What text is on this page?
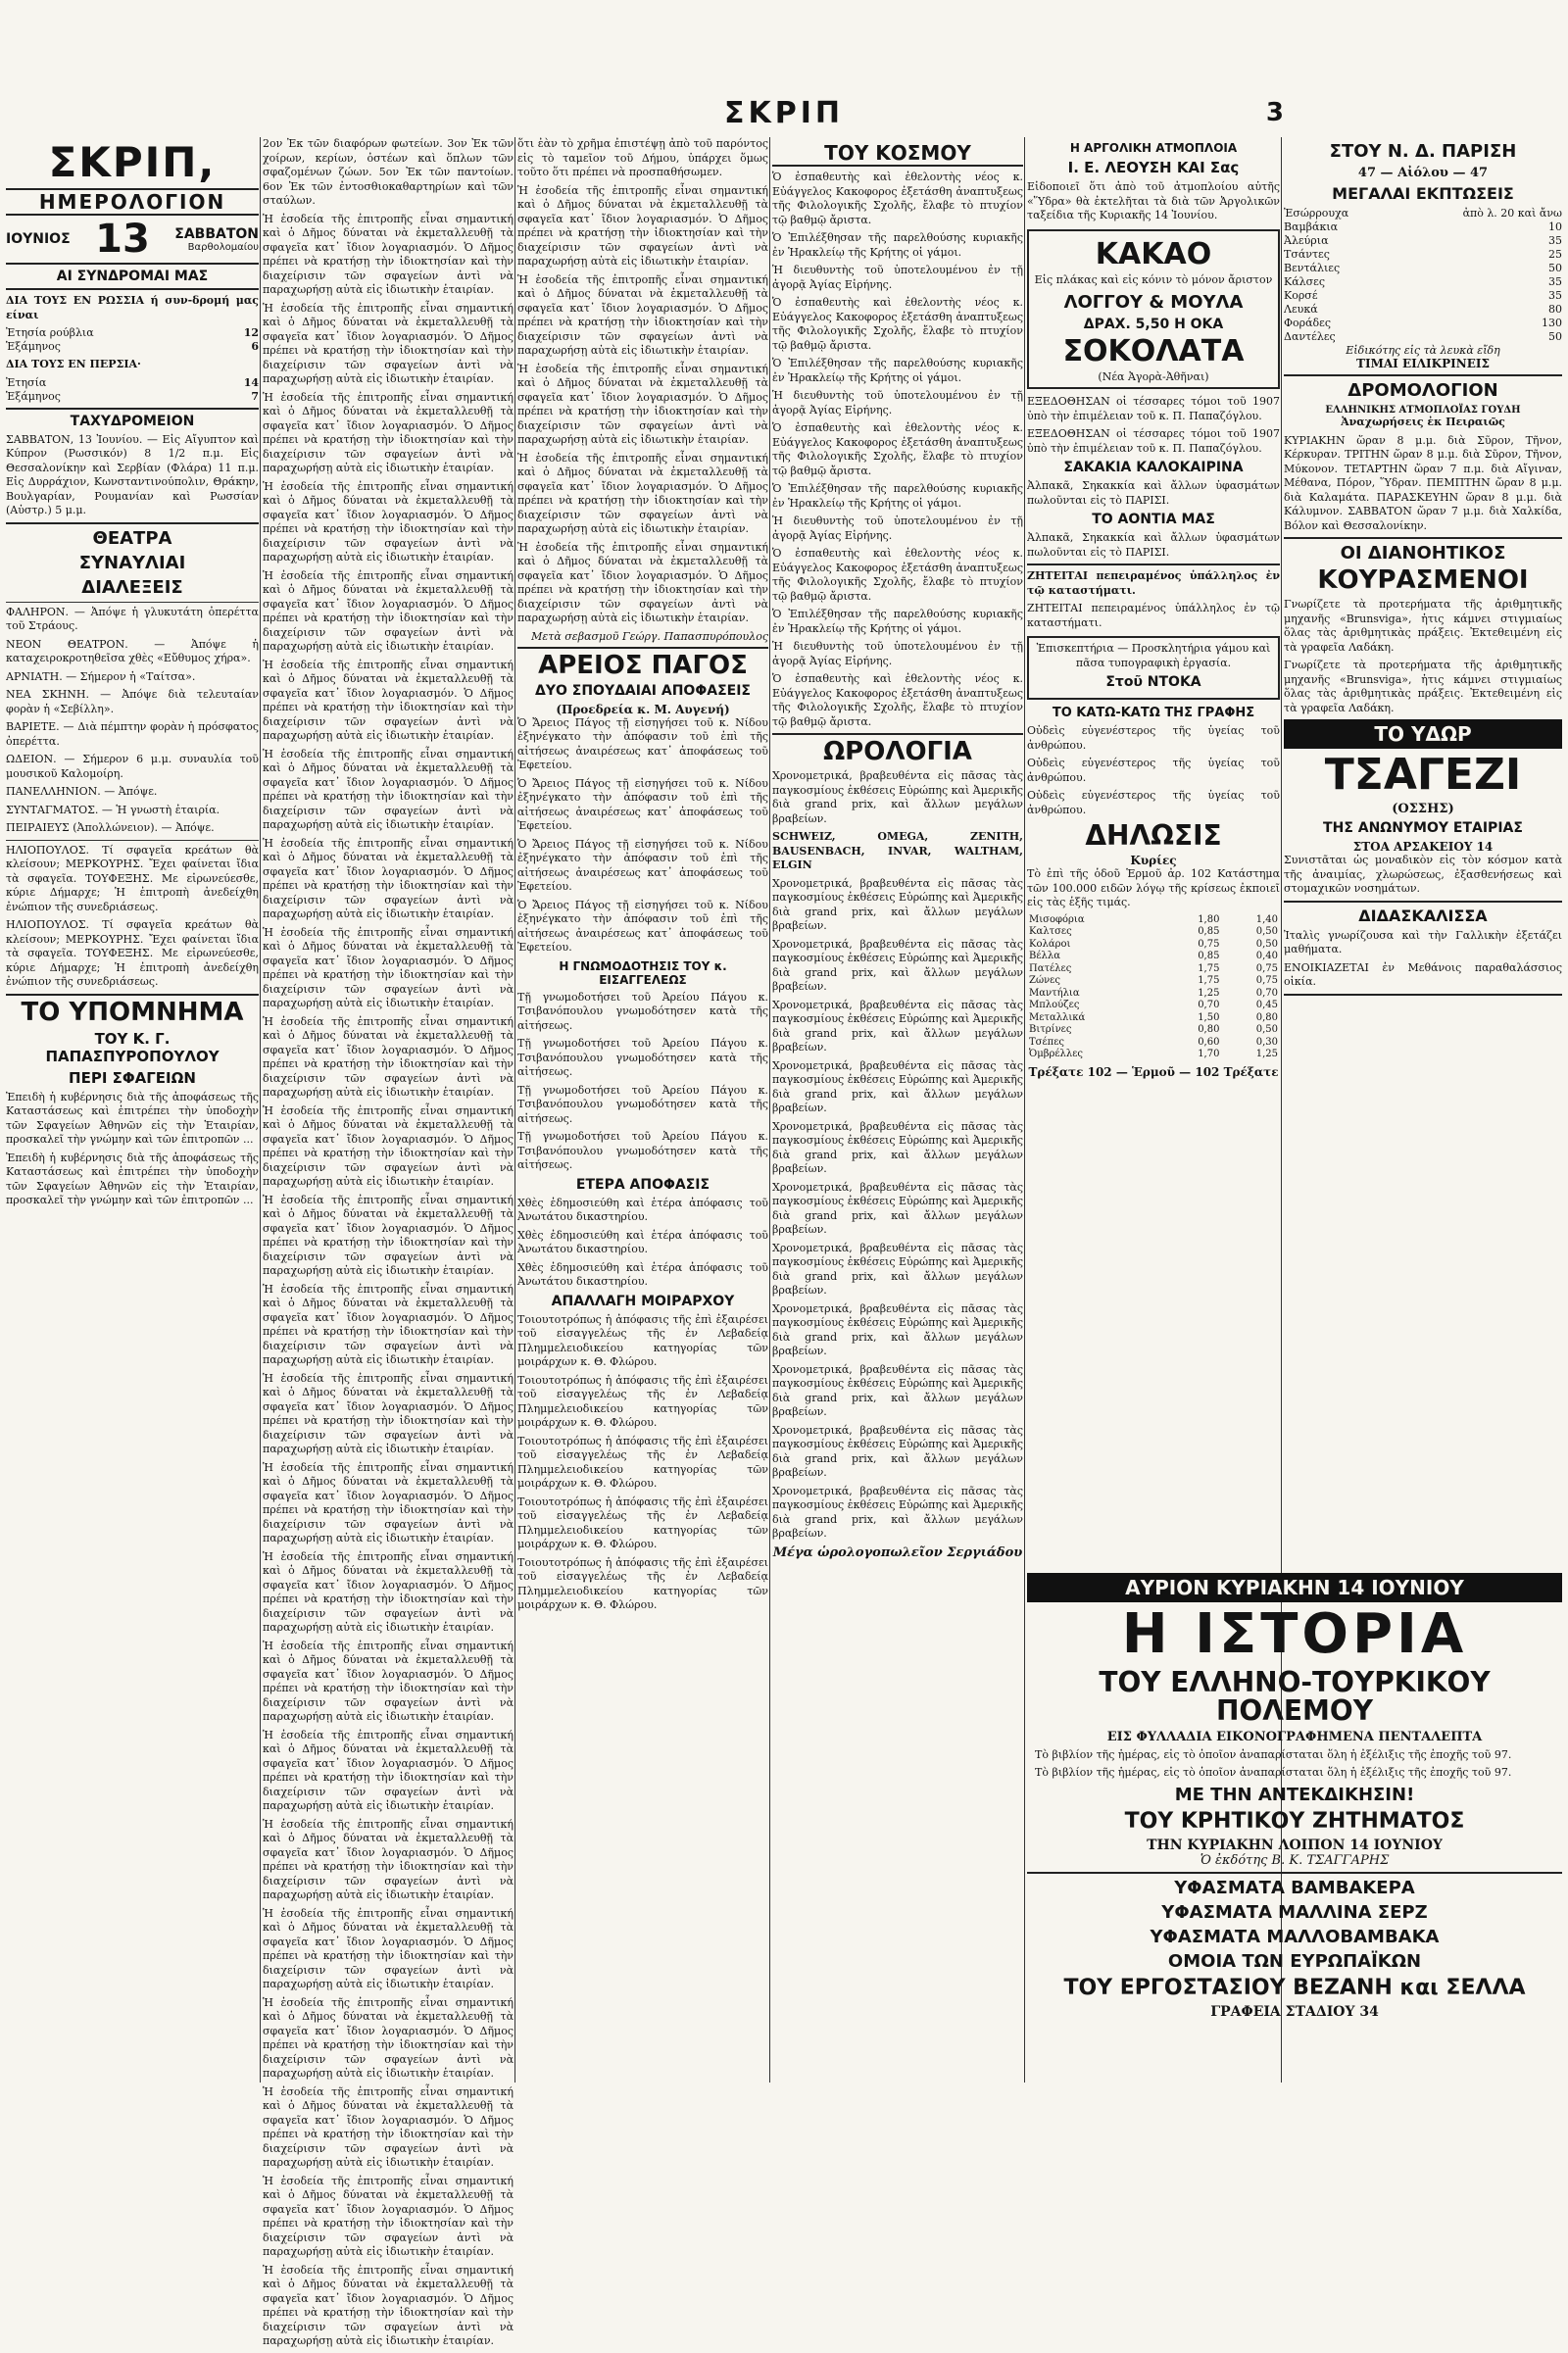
ΣΚΡΙΠ	3
ΣΚΡΙΠ,
ΗΜΕΡΟΛΟΓΙΟΝ
ΙΟΥΝΙΟΣ 13 ΣΑΒΒΑΤΟΝ
Βαρθολομαίου
ΑΙ ΣΥΝΔΡΟΜΑΙ ΜΑΣ
ΔΙΑ ΤΟΥΣ ΕΝ ΡΩΣΣΙΑ ή συν-δρομή μας είναι
Ἐτησία ρούβλια	12
Ἑξάμηνος	6
ΔΙΑ ΤΟΥΣ ΕΝ ΠΕΡΣΙΑ·
Ἐτησία	14
Ἑξάμηνος	7
ΤΑΧΥΔΡΟΜΕΙΟΝ
ΣΑΒΒΑΤΟΝ, 13 Ἰουνίου. — Εἰς Αἴγυπτον καὶ Κύπρον (Ρωσσικόν) 8 1/2 π.μ. Εἰς Θεσσαλονίκην καὶ Σερβίαν (Φλάρα) 11 π.μ. Εἰς Δυρράχιον, Κωνσταντινούπολιν, Θράκην, Βουλγαρίαν, Ρουμανίαν καὶ Ρωσσίαν (Αὐστρ.) 5 μ.μ.
ΘΕΑΤΡΑ
ΣΥΝΑΥΛΙΑΙ
ΔΙΑΛΕΞΕΙΣ
ΦΑΛΗΡΟΝ. — Ἀπόψε ἡ γλυκυτάτη ὀπερέττα τοῦ Στράους.
ΝΕΟΝ ΘΕΑΤΡΟΝ. — Ἀπόψε ἡ καταχειροκροτηθεῖσα χθὲς «Εὔθυμος χήρα».
ΑΡΝΙΑΤΗ. — Σήμερον ἡ «Ταίτσα».
ΝΕΑ ΣΚΗΝΗ. — Ἀπόψε διὰ τελευταίαν φορὰν ἡ «Σεβίλλη».
ΒΑΡΙΕΤΕ. — Διὰ πέμπτην φορὰν ἡ πρόσφατος ὀπερέττα.
ΩΔΕΙΟΝ. — Σήμερον 6 μ.μ. συναυλία τοῦ μουσικοῦ Καλομοίρη.
ΠΑΝΕΛΛΗΝΙΟΝ. — Ἀπόψε.
ΣΥΝΤΑΓΜΑΤΟΣ. — Ἡ γνωστὴ ἐταιρία.
ΠΕΙΡΑΙΕΥΣ (Ἀπολλώνειον). — Ἀπόψε.
ΗΛΙΟΠΟΥΛΟΣ. Τί σφαγεῖα κρεάτων θὰ κλείσουν; ΜΕΡΚΟΥΡΗΣ. Ἔχει φαίνεται ἴδια τὰ σφαγεῖα. ΤΟΥΦΕΞΗΣ. Με εἰρωνεύεσθε, κύριε Δήμαρχε; Ἡ ἐπιτροπὴ ἀνεδείχθη ἐνώπιον τῆς συνεδριάσεως.
ΗΛΙΟΠΟΥΛΟΣ. Τί σφαγεῖα κρεάτων θὰ κλείσουν; ΜΕΡΚΟΥΡΗΣ. Ἔχει φαίνεται ἴδια τὰ σφαγεῖα. ΤΟΥΦΕΞΗΣ. Με εἰρωνεύεσθε, κύριε Δήμαρχε; Ἡ ἐπιτροπὴ ἀνεδείχθη ἐνώπιον τῆς συνεδριάσεως.
ΤΟ ΥΠΟΜΝΗΜΑ
ΤΟΥ Κ. Γ. ΠΑΠΑΣΠΥΡΟΠΟΥΛΟΥ
ΠΕΡΙ ΣΦΑΓΕΙΩΝ
Ἐπειδὴ ἡ κυβέρνησις διὰ τῆς ἀποφάσεως τῆς Καταστάσεως καὶ ἐπιτρέπει τὴν ὑποδοχὴν τῶν Σφαγείων Ἀθηνῶν εἰς τὴν Ἑταιρίαν, προσκαλεῖ τὴν γνώμην καὶ τῶν ἐπιτροπῶν ...
Ἐπειδὴ ἡ κυβέρνησις διὰ τῆς ἀποφάσεως τῆς Καταστάσεως καὶ ἐπιτρέπει τὴν ὑποδοχὴν τῶν Σφαγείων Ἀθηνῶν εἰς τὴν Ἑταιρίαν, προσκαλεῖ τὴν γνώμην καὶ τῶν ἐπιτροπῶν ...
2ον Ἐκ τῶν διαφόρων φωτείων. 3ον Ἐκ τῶν χοίρων, κερίων, ὀστέων καὶ ὅπλων τῶν σφαζομένων ζώων. 5ον Ἐκ τῶν παντοίων. 6ον Ἐκ τῶν ἐντοσθιοκαθαρτηρίων καὶ τῶν σταύλων.
Ἡ ἐσοδεία τῆς ἐπιτροπῆς εἶναι σημαντική καὶ ὁ Δῆμος δύναται νὰ ἐκμεταλλευθῇ τὰ σφαγεῖα κατ᾽ ἴδιον λογαριασμόν. Ὁ Δῆμος πρέπει νὰ κρατήσῃ τὴν ἰδιοκτησίαν καὶ τὴν διαχείρισιν τῶν σφαγείων ἀντὶ νὰ παραχωρήσῃ αὐτὰ εἰς ἰδιωτικὴν ἑταιρίαν.
Ἡ ἐσοδεία τῆς ἐπιτροπῆς εἶναι σημαντική καὶ ὁ Δῆμος δύναται νὰ ἐκμεταλλευθῇ τὰ σφαγεῖα κατ᾽ ἴδιον λογαριασμόν. Ὁ Δῆμος πρέπει νὰ κρατήσῃ τὴν ἰδιοκτησίαν καὶ τὴν διαχείρισιν τῶν σφαγείων ἀντὶ νὰ παραχωρήσῃ αὐτὰ εἰς ἰδιωτικὴν ἑταιρίαν.
Ἡ ἐσοδεία τῆς ἐπιτροπῆς εἶναι σημαντική καὶ ὁ Δῆμος δύναται νὰ ἐκμεταλλευθῇ τὰ σφαγεῖα κατ᾽ ἴδιον λογαριασμόν. Ὁ Δῆμος πρέπει νὰ κρατήσῃ τὴν ἰδιοκτησίαν καὶ τὴν διαχείρισιν τῶν σφαγείων ἀντὶ νὰ παραχωρήσῃ αὐτὰ εἰς ἰδιωτικὴν ἑταιρίαν.
Ἡ ἐσοδεία τῆς ἐπιτροπῆς εἶναι σημαντική καὶ ὁ Δῆμος δύναται νὰ ἐκμεταλλευθῇ τὰ σφαγεῖα κατ᾽ ἴδιον λογαριασμόν. Ὁ Δῆμος πρέπει νὰ κρατήσῃ τὴν ἰδιοκτησίαν καὶ τὴν διαχείρισιν τῶν σφαγείων ἀντὶ νὰ παραχωρήσῃ αὐτὰ εἰς ἰδιωτικὴν ἑταιρίαν.
Ἡ ἐσοδεία τῆς ἐπιτροπῆς εἶναι σημαντική καὶ ὁ Δῆμος δύναται νὰ ἐκμεταλλευθῇ τὰ σφαγεῖα κατ᾽ ἴδιον λογαριασμόν. Ὁ Δῆμος πρέπει νὰ κρατήσῃ τὴν ἰδιοκτησίαν καὶ τὴν διαχείρισιν τῶν σφαγείων ἀντὶ νὰ παραχωρήσῃ αὐτὰ εἰς ἰδιωτικὴν ἑταιρίαν.
Ἡ ἐσοδεία τῆς ἐπιτροπῆς εἶναι σημαντική καὶ ὁ Δῆμος δύναται νὰ ἐκμεταλλευθῇ τὰ σφαγεῖα κατ᾽ ἴδιον λογαριασμόν. Ὁ Δῆμος πρέπει νὰ κρατήσῃ τὴν ἰδιοκτησίαν καὶ τὴν διαχείρισιν τῶν σφαγείων ἀντὶ νὰ παραχωρήσῃ αὐτὰ εἰς ἰδιωτικὴν ἑταιρίαν.
Ἡ ἐσοδεία τῆς ἐπιτροπῆς εἶναι σημαντική καὶ ὁ Δῆμος δύναται νὰ ἐκμεταλλευθῇ τὰ σφαγεῖα κατ᾽ ἴδιον λογαριασμόν. Ὁ Δῆμος πρέπει νὰ κρατήσῃ τὴν ἰδιοκτησίαν καὶ τὴν διαχείρισιν τῶν σφαγείων ἀντὶ νὰ παραχωρήσῃ αὐτὰ εἰς ἰδιωτικὴν ἑταιρίαν.
Ἡ ἐσοδεία τῆς ἐπιτροπῆς εἶναι σημαντική καὶ ὁ Δῆμος δύναται νὰ ἐκμεταλλευθῇ τὰ σφαγεῖα κατ᾽ ἴδιον λογαριασμόν. Ὁ Δῆμος πρέπει νὰ κρατήσῃ τὴν ἰδιοκτησίαν καὶ τὴν διαχείρισιν τῶν σφαγείων ἀντὶ νὰ παραχωρήσῃ αὐτὰ εἰς ἰδιωτικὴν ἑταιρίαν.
Ἡ ἐσοδεία τῆς ἐπιτροπῆς εἶναι σημαντική καὶ ὁ Δῆμος δύναται νὰ ἐκμεταλλευθῇ τὰ σφαγεῖα κατ᾽ ἴδιον λογαριασμόν. Ὁ Δῆμος πρέπει νὰ κρατήσῃ τὴν ἰδιοκτησίαν καὶ τὴν διαχείρισιν τῶν σφαγείων ἀντὶ νὰ παραχωρήσῃ αὐτὰ εἰς ἰδιωτικὴν ἑταιρίαν.
Ἡ ἐσοδεία τῆς ἐπιτροπῆς εἶναι σημαντική καὶ ὁ Δῆμος δύναται νὰ ἐκμεταλλευθῇ τὰ σφαγεῖα κατ᾽ ἴδιον λογαριασμόν. Ὁ Δῆμος πρέπει νὰ κρατήσῃ τὴν ἰδιοκτησίαν καὶ τὴν διαχείρισιν τῶν σφαγείων ἀντὶ νὰ παραχωρήσῃ αὐτὰ εἰς ἰδιωτικὴν ἑταιρίαν.
Ἡ ἐσοδεία τῆς ἐπιτροπῆς εἶναι σημαντική καὶ ὁ Δῆμος δύναται νὰ ἐκμεταλλευθῇ τὰ σφαγεῖα κατ᾽ ἴδιον λογαριασμόν. Ὁ Δῆμος πρέπει νὰ κρατήσῃ τὴν ἰδιοκτησίαν καὶ τὴν διαχείρισιν τῶν σφαγείων ἀντὶ νὰ παραχωρήσῃ αὐτὰ εἰς ἰδιωτικὴν ἑταιρίαν.
Ἡ ἐσοδεία τῆς ἐπιτροπῆς εἶναι σημαντική καὶ ὁ Δῆμος δύναται νὰ ἐκμεταλλευθῇ τὰ σφαγεῖα κατ᾽ ἴδιον λογαριασμόν. Ὁ Δῆμος πρέπει νὰ κρατήσῃ τὴν ἰδιοκτησίαν καὶ τὴν διαχείρισιν τῶν σφαγείων ἀντὶ νὰ παραχωρήσῃ αὐτὰ εἰς ἰδιωτικὴν ἑταιρίαν.
Ἡ ἐσοδεία τῆς ἐπιτροπῆς εἶναι σημαντική καὶ ὁ Δῆμος δύναται νὰ ἐκμεταλλευθῇ τὰ σφαγεῖα κατ᾽ ἴδιον λογαριασμόν. Ὁ Δῆμος πρέπει νὰ κρατήσῃ τὴν ἰδιοκτησίαν καὶ τὴν διαχείρισιν τῶν σφαγείων ἀντὶ νὰ παραχωρήσῃ αὐτὰ εἰς ἰδιωτικὴν ἑταιρίαν.
Ἡ ἐσοδεία τῆς ἐπιτροπῆς εἶναι σημαντική καὶ ὁ Δῆμος δύναται νὰ ἐκμεταλλευθῇ τὰ σφαγεῖα κατ᾽ ἴδιον λογαριασμόν. Ὁ Δῆμος πρέπει νὰ κρατήσῃ τὴν ἰδιοκτησίαν καὶ τὴν διαχείρισιν τῶν σφαγείων ἀντὶ νὰ παραχωρήσῃ αὐτὰ εἰς ἰδιωτικὴν ἑταιρίαν.
Ἡ ἐσοδεία τῆς ἐπιτροπῆς εἶναι σημαντική καὶ ὁ Δῆμος δύναται νὰ ἐκμεταλλευθῇ τὰ σφαγεῖα κατ᾽ ἴδιον λογαριασμόν. Ὁ Δῆμος πρέπει νὰ κρατήσῃ τὴν ἰδιοκτησίαν καὶ τὴν διαχείρισιν τῶν σφαγείων ἀντὶ νὰ παραχωρήσῃ αὐτὰ εἰς ἰδιωτικὴν ἑταιρίαν.
Ἡ ἐσοδεία τῆς ἐπιτροπῆς εἶναι σημαντική καὶ ὁ Δῆμος δύναται νὰ ἐκμεταλλευθῇ τὰ σφαγεῖα κατ᾽ ἴδιον λογαριασμόν. Ὁ Δῆμος πρέπει νὰ κρατήσῃ τὴν ἰδιοκτησίαν καὶ τὴν διαχείρισιν τῶν σφαγείων ἀντὶ νὰ παραχωρήσῃ αὐτὰ εἰς ἰδιωτικὴν ἑταιρίαν.
Ἡ ἐσοδεία τῆς ἐπιτροπῆς εἶναι σημαντική καὶ ὁ Δῆμος δύναται νὰ ἐκμεταλλευθῇ τὰ σφαγεῖα κατ᾽ ἴδιον λογαριασμόν. Ὁ Δῆμος πρέπει νὰ κρατήσῃ τὴν ἰδιοκτησίαν καὶ τὴν διαχείρισιν τῶν σφαγείων ἀντὶ νὰ παραχωρήσῃ αὐτὰ εἰς ἰδιωτικὴν ἑταιρίαν.
Ἡ ἐσοδεία τῆς ἐπιτροπῆς εἶναι σημαντική καὶ ὁ Δῆμος δύναται νὰ ἐκμεταλλευθῇ τὰ σφαγεῖα κατ᾽ ἴδιον λογαριασμόν. Ὁ Δῆμος πρέπει νὰ κρατήσῃ τὴν ἰδιοκτησίαν καὶ τὴν διαχείρισιν τῶν σφαγείων ἀντὶ νὰ παραχωρήσῃ αὐτὰ εἰς ἰδιωτικὴν ἑταιρίαν.
Ἡ ἐσοδεία τῆς ἐπιτροπῆς εἶναι σημαντική καὶ ὁ Δῆμος δύναται νὰ ἐκμεταλλευθῇ τὰ σφαγεῖα κατ᾽ ἴδιον λογαριασμόν. Ὁ Δῆμος πρέπει νὰ κρατήσῃ τὴν ἰδιοκτησίαν καὶ τὴν διαχείρισιν τῶν σφαγείων ἀντὶ νὰ παραχωρήσῃ αὐτὰ εἰς ἰδιωτικὴν ἑταιρίαν.
Ἡ ἐσοδεία τῆς ἐπιτροπῆς εἶναι σημαντική καὶ ὁ Δῆμος δύναται νὰ ἐκμεταλλευθῇ τὰ σφαγεῖα κατ᾽ ἴδιον λογαριασμόν. Ὁ Δῆμος πρέπει νὰ κρατήσῃ τὴν ἰδιοκτησίαν καὶ τὴν διαχείρισιν τῶν σφαγείων ἀντὶ νὰ παραχωρήσῃ αὐτὰ εἰς ἰδιωτικὴν ἑταιρίαν.
Ἡ ἐσοδεία τῆς ἐπιτροπῆς εἶναι σημαντική καὶ ὁ Δῆμος δύναται νὰ ἐκμεταλλευθῇ τὰ σφαγεῖα κατ᾽ ἴδιον λογαριασμόν. Ὁ Δῆμος πρέπει νὰ κρατήσῃ τὴν ἰδιοκτησίαν καὶ τὴν διαχείρισιν τῶν σφαγείων ἀντὶ νὰ παραχωρήσῃ αὐτὰ εἰς ἰδιωτικὴν ἑταιρίαν.
Ἡ ἐσοδεία τῆς ἐπιτροπῆς εἶναι σημαντική καὶ ὁ Δῆμος δύναται νὰ ἐκμεταλλευθῇ τὰ σφαγεῖα κατ᾽ ἴδιον λογαριασμόν. Ὁ Δῆμος πρέπει νὰ κρατήσῃ τὴν ἰδιοκτησίαν καὶ τὴν διαχείρισιν τῶν σφαγείων ἀντὶ νὰ παραχωρήσῃ αὐτὰ εἰς ἰδιωτικὴν ἑταιρίαν.
Ἡ ἐσοδεία τῆς ἐπιτροπῆς εἶναι σημαντική καὶ ὁ Δῆμος δύναται νὰ ἐκμεταλλευθῇ τὰ σφαγεῖα κατ᾽ ἴδιον λογαριασμόν. Ὁ Δῆμος πρέπει νὰ κρατήσῃ τὴν ἰδιοκτησίαν καὶ τὴν διαχείρισιν τῶν σφαγείων ἀντὶ νὰ παραχωρήσῃ αὐτὰ εἰς ἰδιωτικὴν ἑταιρίαν.
Ἡ ἐσοδεία τῆς ἐπιτροπῆς εἶναι σημαντική καὶ ὁ Δῆμος δύναται νὰ ἐκμεταλλευθῇ τὰ σφαγεῖα κατ᾽ ἴδιον λογαριασμόν. Ὁ Δῆμος πρέπει νὰ κρατήσῃ τὴν ἰδιοκτησίαν καὶ τὴν διαχείρισιν τῶν σφαγείων ἀντὶ νὰ παραχωρήσῃ αὐτὰ εἰς ἰδιωτικὴν ἑταιρίαν.
ὅτι ἐὰν τὸ χρῆμα ἐπιστέψῃ ἀπὸ τοῦ παρόντος εἰς τὸ ταμεῖον τοῦ Δήμου, ὑπάρχει ὅμως τοῦτο ὅτι πρέπει νὰ προσπαθήσωμεν.
Ἡ ἐσοδεία τῆς ἐπιτροπῆς εἶναι σημαντική καὶ ὁ Δῆμος δύναται νὰ ἐκμεταλλευθῇ τὰ σφαγεῖα κατ᾽ ἴδιον λογαριασμόν. Ὁ Δῆμος πρέπει νὰ κρατήσῃ τὴν ἰδιοκτησίαν καὶ τὴν διαχείρισιν τῶν σφαγείων ἀντὶ νὰ παραχωρήσῃ αὐτὰ εἰς ἰδιωτικὴν ἑταιρίαν.
Ἡ ἐσοδεία τῆς ἐπιτροπῆς εἶναι σημαντική καὶ ὁ Δῆμος δύναται νὰ ἐκμεταλλευθῇ τὰ σφαγεῖα κατ᾽ ἴδιον λογαριασμόν. Ὁ Δῆμος πρέπει νὰ κρατήσῃ τὴν ἰδιοκτησίαν καὶ τὴν διαχείρισιν τῶν σφαγείων ἀντὶ νὰ παραχωρήσῃ αὐτὰ εἰς ἰδιωτικὴν ἑταιρίαν.
Ἡ ἐσοδεία τῆς ἐπιτροπῆς εἶναι σημαντική καὶ ὁ Δῆμος δύναται νὰ ἐκμεταλλευθῇ τὰ σφαγεῖα κατ᾽ ἴδιον λογαριασμόν. Ὁ Δῆμος πρέπει νὰ κρατήσῃ τὴν ἰδιοκτησίαν καὶ τὴν διαχείρισιν τῶν σφαγείων ἀντὶ νὰ παραχωρήσῃ αὐτὰ εἰς ἰδιωτικὴν ἑταιρίαν.
Ἡ ἐσοδεία τῆς ἐπιτροπῆς εἶναι σημαντική καὶ ὁ Δῆμος δύναται νὰ ἐκμεταλλευθῇ τὰ σφαγεῖα κατ᾽ ἴδιον λογαριασμόν. Ὁ Δῆμος πρέπει νὰ κρατήσῃ τὴν ἰδιοκτησίαν καὶ τὴν διαχείρισιν τῶν σφαγείων ἀντὶ νὰ παραχωρήσῃ αὐτὰ εἰς ἰδιωτικὴν ἑταιρίαν.
Ἡ ἐσοδεία τῆς ἐπιτροπῆς εἶναι σημαντική καὶ ὁ Δῆμος δύναται νὰ ἐκμεταλλευθῇ τὰ σφαγεῖα κατ᾽ ἴδιον λογαριασμόν. Ὁ Δῆμος πρέπει νὰ κρατήσῃ τὴν ἰδιοκτησίαν καὶ τὴν διαχείρισιν τῶν σφαγείων ἀντὶ νὰ παραχωρήσῃ αὐτὰ εἰς ἰδιωτικὴν ἑταιρίαν.
Μετὰ σεβασμοῦ Γεώργ. Παπασπυρόπουλος
ΑΡΕΙΟΣ ΠΑΓΟΣ
ΔΥΟ ΣΠΟΥΔΑΙΑΙ ΑΠΟΦΑΣΕΙΣ
(Προεδρεία κ. Μ. Αυγενή)
Ὁ Ἄρειος Πάγος τῇ εἰσηγήσει τοῦ κ. Νίδου ἐξηνέγκατο τὴν ἀπόφασιν τοῦ ἐπὶ τῆς αἰτήσεως ἀναιρέσεως κατ᾽ ἀποφάσεως τοῦ Ἐφετείου.
Ὁ Ἄρειος Πάγος τῇ εἰσηγήσει τοῦ κ. Νίδου ἐξηνέγκατο τὴν ἀπόφασιν τοῦ ἐπὶ τῆς αἰτήσεως ἀναιρέσεως κατ᾽ ἀποφάσεως τοῦ Ἐφετείου.
Ὁ Ἄρειος Πάγος τῇ εἰσηγήσει τοῦ κ. Νίδου ἐξηνέγκατο τὴν ἀπόφασιν τοῦ ἐπὶ τῆς αἰτήσεως ἀναιρέσεως κατ᾽ ἀποφάσεως τοῦ Ἐφετείου.
Ὁ Ἄρειος Πάγος τῇ εἰσηγήσει τοῦ κ. Νίδου ἐξηνέγκατο τὴν ἀπόφασιν τοῦ ἐπὶ τῆς αἰτήσεως ἀναιρέσεως κατ᾽ ἀποφάσεως τοῦ Ἐφετείου.
Η ΓΝΩΜΟΔΟΤΗΣΙΣ ΤΟΥ κ. ΕΙΣΑΓΓΕΛΕΩΣ
Τῇ γνωμοδοτήσει τοῦ Ἀρείου Πάγου κ. Τσιβανόπουλου γνωμοδότησεν κατὰ τῆς αἰτήσεως.
Τῇ γνωμοδοτήσει τοῦ Ἀρείου Πάγου κ. Τσιβανόπουλου γνωμοδότησεν κατὰ τῆς αἰτήσεως.
Τῇ γνωμοδοτήσει τοῦ Ἀρείου Πάγου κ. Τσιβανόπουλου γνωμοδότησεν κατὰ τῆς αἰτήσεως.
Τῇ γνωμοδοτήσει τοῦ Ἀρείου Πάγου κ. Τσιβανόπουλου γνωμοδότησεν κατὰ τῆς αἰτήσεως.
ΕΤΕΡΑ ΑΠΟΦΑΣΙΣ
Χθὲς ἐδημοσιεύθη καὶ ἑτέρα ἀπόφασις τοῦ Ἀνωτάτου δικαστηρίου.
Χθὲς ἐδημοσιεύθη καὶ ἑτέρα ἀπόφασις τοῦ Ἀνωτάτου δικαστηρίου.
Χθὲς ἐδημοσιεύθη καὶ ἑτέρα ἀπόφασις τοῦ Ἀνωτάτου δικαστηρίου.
ΑΠΑΛΛΑΓΗ ΜΟΙΡΑΡΧΟΥ
Τοιουτοτρόπως ἡ ἀπόφασις τῆς ἐπὶ ἐξαιρέσει τοῦ εἰσαγγελέως τῆς ἐν Λεβαδείᾳ Πλημμελειοδικείου κατηγορίας τῶν μοιράρχων κ. Θ. Φλώρου.
Τοιουτοτρόπως ἡ ἀπόφασις τῆς ἐπὶ ἐξαιρέσει τοῦ εἰσαγγελέως τῆς ἐν Λεβαδείᾳ Πλημμελειοδικείου κατηγορίας τῶν μοιράρχων κ. Θ. Φλώρου.
Τοιουτοτρόπως ἡ ἀπόφασις τῆς ἐπὶ ἐξαιρέσει τοῦ εἰσαγγελέως τῆς ἐν Λεβαδείᾳ Πλημμελειοδικείου κατηγορίας τῶν μοιράρχων κ. Θ. Φλώρου.
Τοιουτοτρόπως ἡ ἀπόφασις τῆς ἐπὶ ἐξαιρέσει τοῦ εἰσαγγελέως τῆς ἐν Λεβαδείᾳ Πλημμελειοδικείου κατηγορίας τῶν μοιράρχων κ. Θ. Φλώρου.
Τοιουτοτρόπως ἡ ἀπόφασις τῆς ἐπὶ ἐξαιρέσει τοῦ εἰσαγγελέως τῆς ἐν Λεβαδείᾳ Πλημμελειοδικείου κατηγορίας τῶν μοιράρχων κ. Θ. Φλώρου.
ΤΟΥ ΚΟΣΜΟΥ
Ὁ ἐσπαθευτὴς καὶ ἐθελοντὴς νέος κ. Εὐάγγελος Κακοφορος ἐξετάσθη ἀναπτυξεως τῆς Φιλολογικῆς Σχολῆς, ἔλαβε τὸ πτυχίον τῷ βαθμῷ ἄριστα.
Ὁ Ἐπιλέξθησαν τῆς παρελθούσης κυριακῆς ἐν Ἡρακλείῳ τῆς Κρήτης οἱ γάμοι.
Ἡ διευθυντὴς τοῦ ὑποτελουμένου ἐν τῇ ἀγορᾷ Ἀγίας Εἰρήνης.
Ὁ ἐσπαθευτὴς καὶ ἐθελοντὴς νέος κ. Εὐάγγελος Κακοφορος ἐξετάσθη ἀναπτυξεως τῆς Φιλολογικῆς Σχολῆς, ἔλαβε τὸ πτυχίον τῷ βαθμῷ ἄριστα.
Ὁ Ἐπιλέξθησαν τῆς παρελθούσης κυριακῆς ἐν Ἡρακλείῳ τῆς Κρήτης οἱ γάμοι.
Ἡ διευθυντὴς τοῦ ὑποτελουμένου ἐν τῇ ἀγορᾷ Ἀγίας Εἰρήνης.
Ὁ ἐσπαθευτὴς καὶ ἐθελοντὴς νέος κ. Εὐάγγελος Κακοφορος ἐξετάσθη ἀναπτυξεως τῆς Φιλολογικῆς Σχολῆς, ἔλαβε τὸ πτυχίον τῷ βαθμῷ ἄριστα.
Ὁ Ἐπιλέξθησαν τῆς παρελθούσης κυριακῆς ἐν Ἡρακλείῳ τῆς Κρήτης οἱ γάμοι.
Ἡ διευθυντὴς τοῦ ὑποτελουμένου ἐν τῇ ἀγορᾷ Ἀγίας Εἰρήνης.
Ὁ ἐσπαθευτὴς καὶ ἐθελοντὴς νέος κ. Εὐάγγελος Κακοφορος ἐξετάσθη ἀναπτυξεως τῆς Φιλολογικῆς Σχολῆς, ἔλαβε τὸ πτυχίον τῷ βαθμῷ ἄριστα.
Ὁ Ἐπιλέξθησαν τῆς παρελθούσης κυριακῆς ἐν Ἡρακλείῳ τῆς Κρήτης οἱ γάμοι.
Ἡ διευθυντὴς τοῦ ὑποτελουμένου ἐν τῇ ἀγορᾷ Ἀγίας Εἰρήνης.
Ὁ ἐσπαθευτὴς καὶ ἐθελοντὴς νέος κ. Εὐάγγελος Κακοφορος ἐξετάσθη ἀναπτυξεως τῆς Φιλολογικῆς Σχολῆς, ἔλαβε τὸ πτυχίον τῷ βαθμῷ ἄριστα.
ΩΡΟΛΟΓΙΑ
Χρονομετρικά, βραβευθέντα εἰς πᾶσας τὰς παγκοσμίους ἐκθέσεις Εὐρώπης καὶ Ἀμερικῆς διὰ grand prix, καὶ ἄλλων μεγάλων βραβείων.
SCHWEIZ, OMEGA, ZENITH, BAUSENBACH, INVAR, WALTHAM, ELGIN
Χρονομετρικά, βραβευθέντα εἰς πᾶσας τὰς παγκοσμίους ἐκθέσεις Εὐρώπης καὶ Ἀμερικῆς διὰ grand prix, καὶ ἄλλων μεγάλων βραβείων.
Χρονομετρικά, βραβευθέντα εἰς πᾶσας τὰς παγκοσμίους ἐκθέσεις Εὐρώπης καὶ Ἀμερικῆς διὰ grand prix, καὶ ἄλλων μεγάλων βραβείων.
Χρονομετρικά, βραβευθέντα εἰς πᾶσας τὰς παγκοσμίους ἐκθέσεις Εὐρώπης καὶ Ἀμερικῆς διὰ grand prix, καὶ ἄλλων μεγάλων βραβείων.
Χρονομετρικά, βραβευθέντα εἰς πᾶσας τὰς παγκοσμίους ἐκθέσεις Εὐρώπης καὶ Ἀμερικῆς διὰ grand prix, καὶ ἄλλων μεγάλων βραβείων.
Χρονομετρικά, βραβευθέντα εἰς πᾶσας τὰς παγκοσμίους ἐκθέσεις Εὐρώπης καὶ Ἀμερικῆς διὰ grand prix, καὶ ἄλλων μεγάλων βραβείων.
Χρονομετρικά, βραβευθέντα εἰς πᾶσας τὰς παγκοσμίους ἐκθέσεις Εὐρώπης καὶ Ἀμερικῆς διὰ grand prix, καὶ ἄλλων μεγάλων βραβείων.
Χρονομετρικά, βραβευθέντα εἰς πᾶσας τὰς παγκοσμίους ἐκθέσεις Εὐρώπης καὶ Ἀμερικῆς διὰ grand prix, καὶ ἄλλων μεγάλων βραβείων.
Χρονομετρικά, βραβευθέντα εἰς πᾶσας τὰς παγκοσμίους ἐκθέσεις Εὐρώπης καὶ Ἀμερικῆς διὰ grand prix, καὶ ἄλλων μεγάλων βραβείων.
Χρονομετρικά, βραβευθέντα εἰς πᾶσας τὰς παγκοσμίους ἐκθέσεις Εὐρώπης καὶ Ἀμερικῆς διὰ grand prix, καὶ ἄλλων μεγάλων βραβείων.
Χρονομετρικά, βραβευθέντα εἰς πᾶσας τὰς παγκοσμίους ἐκθέσεις Εὐρώπης καὶ Ἀμερικῆς διὰ grand prix, καὶ ἄλλων μεγάλων βραβείων.
Χρονομετρικά, βραβευθέντα εἰς πᾶσας τὰς παγκοσμίους ἐκθέσεις Εὐρώπης καὶ Ἀμερικῆς διὰ grand prix, καὶ ἄλλων μεγάλων βραβείων.
Μέγα ὡρολογοπωλεῖον Σεργιάδου
Η ΑΡΓΟΛΙΚΗ ΑΤΜΟΠΛΟΙΑ
Ι. Ε. ΛΕΟΥΣΗ ΚΑΙ Σας
Εἰδοποιεῖ ὅτι ἀπὸ τοῦ ἀτμοπλοίου αὐτῆς «Ὕδρα» θὰ ἐκτελῆται τὰ διὰ τῶν Ἀργολικῶν ταξείδια τῆς Κυριακῆς 14 Ἰουνίου.
ΚΑΚΑΟ
Εἰς πλάκας καὶ εἰς κόνιν τὸ μόνον ἄριστον
ΛΟΓΓΟΥ & ΜΟΥΛΑ
ΔΡΑΧ. 5,50 Η ΟΚΑ
ΣΟΚΟΛΑΤΑ
(Νέα Ἀγορὰ-Ἀθῆναι)
ΕΞΕΔΟΘΗΣΑΝ οἱ τέσσαρες τόμοι τοῦ 1907 ὑπὸ τὴν ἐπιμέλειαν τοῦ κ. Π. Παπαζόγλου.
ΕΞΕΔΟΘΗΣΑΝ οἱ τέσσαρες τόμοι τοῦ 1907 ὑπὸ τὴν ἐπιμέλειαν τοῦ κ. Π. Παπαζόγλου.
ΣΑΚΑΚΙΑ ΚΑΛΟΚΑΙΡΙΝΑ
Ἀλπακᾶ, Σηκακκία καὶ ἄλλων ὑφασμάτων πωλοῦνται εἰς τὸ ΠΑΡΙΣΙ.
ΤΟ ΑΟΝΤΙΑ ΜΑΣ
Ἀλπακᾶ, Σηκακκία καὶ ἄλλων ὑφασμάτων πωλοῦνται εἰς τὸ ΠΑΡΙΣΙ.
ΖΗΤΕΙΤΑΙ πεπειραμένος ὑπάλληλος ἐν τῷ καταστήματι.
ΖΗΤΕΙΤΑΙ πεπειραμένος ὑπάλληλος ἐν τῷ καταστήματι.
Ἐπισκεπτήρια — Προσκλητήρια γάμου καὶ πᾶσα τυπογραφικὴ ἐργασία.
Στοῦ ΝΤΟΚΑ
ΤΟ ΚΑΤΩ-ΚΑΤΩ ΤΗΣ ΓΡΑΦΗΣ
Οὐδεὶς εὐγενέστερος τῆς ὑγείας τοῦ ἀνθρώπου.
Οὐδεὶς εὐγενέστερος τῆς ὑγείας τοῦ ἀνθρώπου.
Οὐδεὶς εὐγενέστερος τῆς ὑγείας τοῦ ἀνθρώπου.
ΔΗΛΩΣΙΣ
Κυρίες
Τὸ ἐπὶ τῆς ὁδοῦ Ἑρμοῦ ἀρ. 102 Κατάστημα τῶν 100.000 ειδῶν λόγῳ τῆς κρίσεως ἐκποιεῖ εἰς τὰς ἑξῆς τιμάς.
Μισοφόρια	1,80	1,40
Καλτσες	0,85	0,50
Κολάροι	0,75	0,50
Βέλλα	0,85	0,40
Πατέλες	1,75	0,75
Ζώνες	1,75	0,75
Μαντήλια	1,25	0,70
Μπλούζες	0,70	0,45
Μεταλλικά	1,50	0,80
Βιτρίνες	0,80	0,50
Τσέπες	0,60	0,30
Ὀμβρέλλες	1,70	1,25
Τρέξατε 102 — Ἑρμοῦ — 102 Τρέξατε
ΣΤΟΥ Ν. Δ. ΠΑΡΙΣΗ
47 — Αἰόλου — 47
ΜΕΓΑΛΑΙ ΕΚΠΤΩΣΕΙΣ
Ἐσώρρουχα	ἀπὸ λ. 20 καὶ ἄνω
Βαμβάκια	10
Ἀλεύρια	35
Τσάντες	25
Βεντάλιες	50
Κάλσες	35
Κορσέ	35
Λευκά	80
Φοράδες	130
Δαντέλες	50
Εἰδικότης εἰς τὰ λευκὰ εἴδη
ΤΙΜΑΙ ΕΙΛΙΚΡΙΝΕΙΣ
ΔΡΟΜΟΛΟΓΙΟΝ
ΕΛΛΗΝΙΚΗΣ ΑΤΜΟΠΛΟΪΑΣ ΓΟΥΔΗ
Ἀναχωρήσεις ἐκ Πειραιῶς
ΚΥΡΙΑΚΗΝ ὥραν 8 μ.μ. διὰ Σῦρον, Τῆνον, Κέρκυραν. ΤΡΙΤΗΝ ὥραν 8 μ.μ. διὰ Σῦρον, Τῆνον, Μύκονον. ΤΕΤΑΡΤΗΝ ὥραν 7 π.μ. διὰ Αἴγιναν, Μέθανα, Πόρον, Ὕδραν. ΠΕΜΠΤΗΝ ὥραν 8 μ.μ. διὰ Καλαμάτα. ΠΑΡΑΣΚΕΥΗΝ ὥραν 8 μ.μ. διὰ Κάλυμνον. ΣΑΒΒΑΤΟΝ ὥραν 7 μ.μ. διὰ Χαλκίδα, Βόλον καὶ Θεσσαλονίκην.
ΟΙ ΔΙΑΝΟΗΤΙΚΟΣ
ΚΟΥΡΑΣΜΕΝΟΙ
Γνωρίζετε τὰ προτερήματα τῆς ἀριθμητικῆς μηχανῆς «Brunsviga», ἡτις κάμνει στιγμιαίως ὅλας τὰς ἀριθμητικὰς πράξεις. Ἐκτεθειμένη εἰς τὰ γραφεῖα Λαδάκη.
Γνωρίζετε τὰ προτερήματα τῆς ἀριθμητικῆς μηχανῆς «Brunsviga», ἡτις κάμνει στιγμιαίως ὅλας τὰς ἀριθμητικὰς πράξεις. Ἐκτεθειμένη εἰς τὰ γραφεῖα Λαδάκη.
ΤΟ ΥΔΩΡ
ΤΣΑΓΕΖΙ
(ΟΣΣΗΣ)
ΤΗΣ ΑΝΩΝΥΜΟΥ ΕΤΑΙΡΙΑΣ
ΣΤΟΑ ΑΡΣΑΚΕΙΟΥ 14
Συνιστᾶται ὡς μοναδικὸν εἰς τὸν κόσμον κατὰ τῆς ἀναιμίας, χλωρώσεως, ἐξασθενήσεως καὶ στομαχικῶν νοσημάτων.
ΔΙΔΑΣΚΑΛΙΣΣΑ
Ἰταλὶς γνωρίζουσα καὶ τὴν Γαλλικὴν ἐξετάζει μαθήματα.
ΕΝΟΙΚΙΑΖΕΤΑΙ ἐν Μεθάνοις παραθαλάσσιος οἰκία.
ΑΥΡΙΟΝ ΚΥΡΙΑΚΗΝ 14 ΙΟΥΝΙΟΥ
Η ΙΣΤΟΡΙΑ
ΤΟΥ ΕΛΛΗΝΟ-ΤΟΥΡΚΙΚΟΥ ΠΟΛΕΜΟΥ
ΕΙΣ ΦΥΛΛΑΔΙΑ ΕΙΚΟΝΟΓΡΑΦΗΜΕΝΑ ΠΕΝΤΑΛΕΠΤΑ
Τὸ βιβλίον τῆς ἡμέρας, εἰς τὸ ὁποῖον ἀναπαρίσταται ὅλη ἡ ἐξέλιξις τῆς ἐποχῆς τοῦ 97.
Τὸ βιβλίον τῆς ἡμέρας, εἰς τὸ ὁποῖον ἀναπαρίσταται ὅλη ἡ ἐξέλιξις τῆς ἐποχῆς τοῦ 97.
ΜΕ ΤΗΝ ΑΝΤΕΚΔΙΚΗΣΙΝ!
ΤΟΥ ΚΡΗΤΙΚΟΥ ΖΗΤΗΜΑΤΟΣ
ΤΗΝ ΚΥΡΙΑΚΗΝ ΛΟΙΠΟΝ 14 ΙΟΥΝΙΟΥ
Ὁ ἐκδότης Β. Κ. ΤΣΑΓΓΑΡΗΣ
ΥΦΑΣΜΑΤΑ ΒΑΜΒΑΚΕΡΑ
ΥΦΑΣΜΑΤΑ ΜΑΛΛΙΝΑ ΣΕΡΖ
ΥΦΑΣΜΑΤΑ ΜΑΛΛΟΒΑΜΒΑΚΑ
ΟΜΟΙΑ ΤΩΝ ΕΥΡΩΠΑΪΚΩΝ
ΤΟΥ ΕΡΓΟΣΤΑΣΙΟΥ ΒΕΖΑΝΗ και ΣΕΛΛΑ
ΓΡΑΦΕΙΑ ΣΤΑΔΙΟΥ 34
